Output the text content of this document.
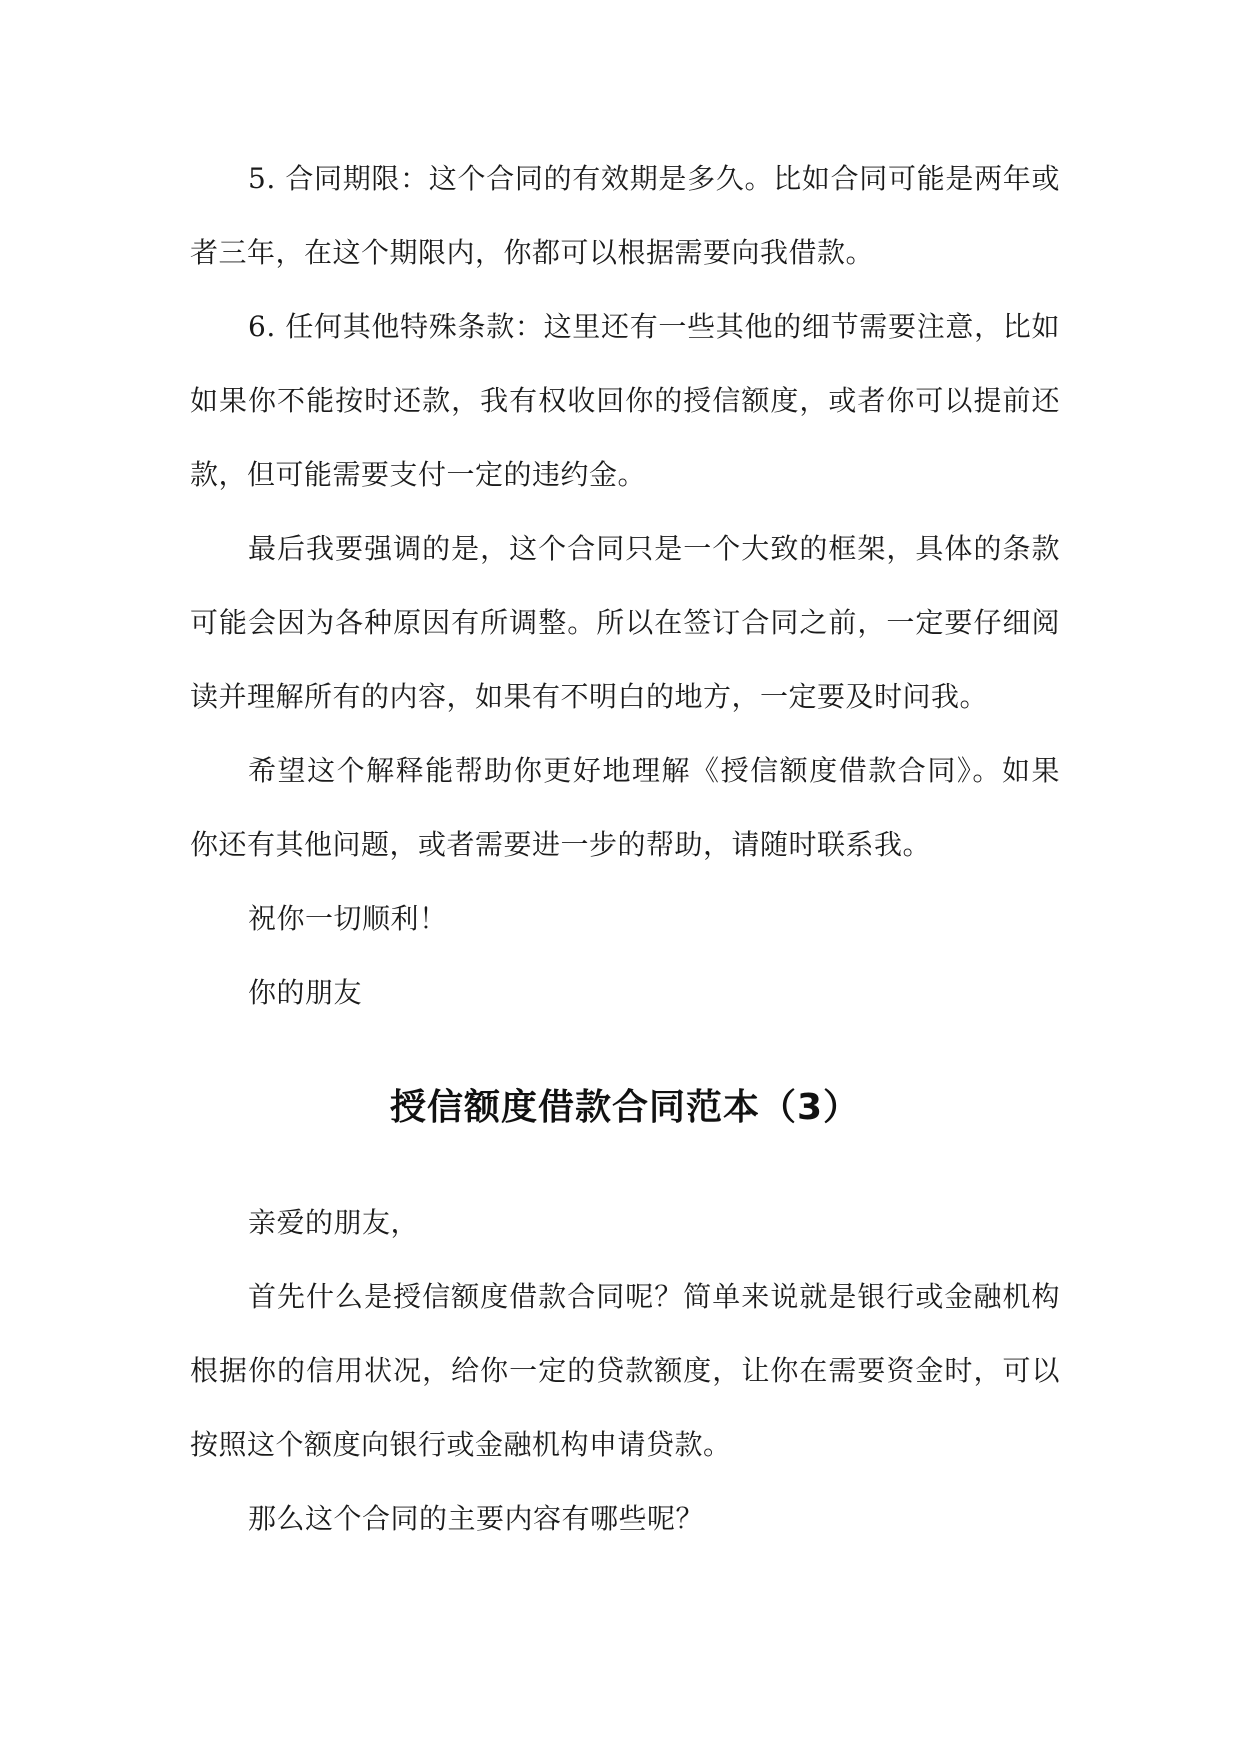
5. 合同期限：这个合同的有效期是多久。比如合同可能是两年或者三年，在这个期限内，你都可以根据需要向我借款。

6. 任何其他特殊条款：这里还有一些其他的细节需要注意，比如如果你不能按时还款，我有权收回你的授信额度，或者你可以提前还款，但可能需要支付一定的违约金。

最后我要强调的是，这个合同只是一个大致的框架，具体的条款可能会因为各种原因有所调整。所以在签订合同之前，一定要仔细阅读并理解所有的内容，如果有不明白的地方，一定要及时问我。

希望这个解释能帮助你更好地理解《授信额度借款合同》。如果你还有其他问题，或者需要进一步的帮助，请随时联系我。

祝你一切顺利！

你的朋友

授信额度借款合同范本（3）

亲爱的朋友，

首先什么是授信额度借款合同呢？简单来说就是银行或金融机构根据你的信用状况，给你一定的贷款额度，让你在需要资金时，可以按照这个额度向银行或金融机构申请贷款。

那么这个合同的主要内容有哪些呢？
